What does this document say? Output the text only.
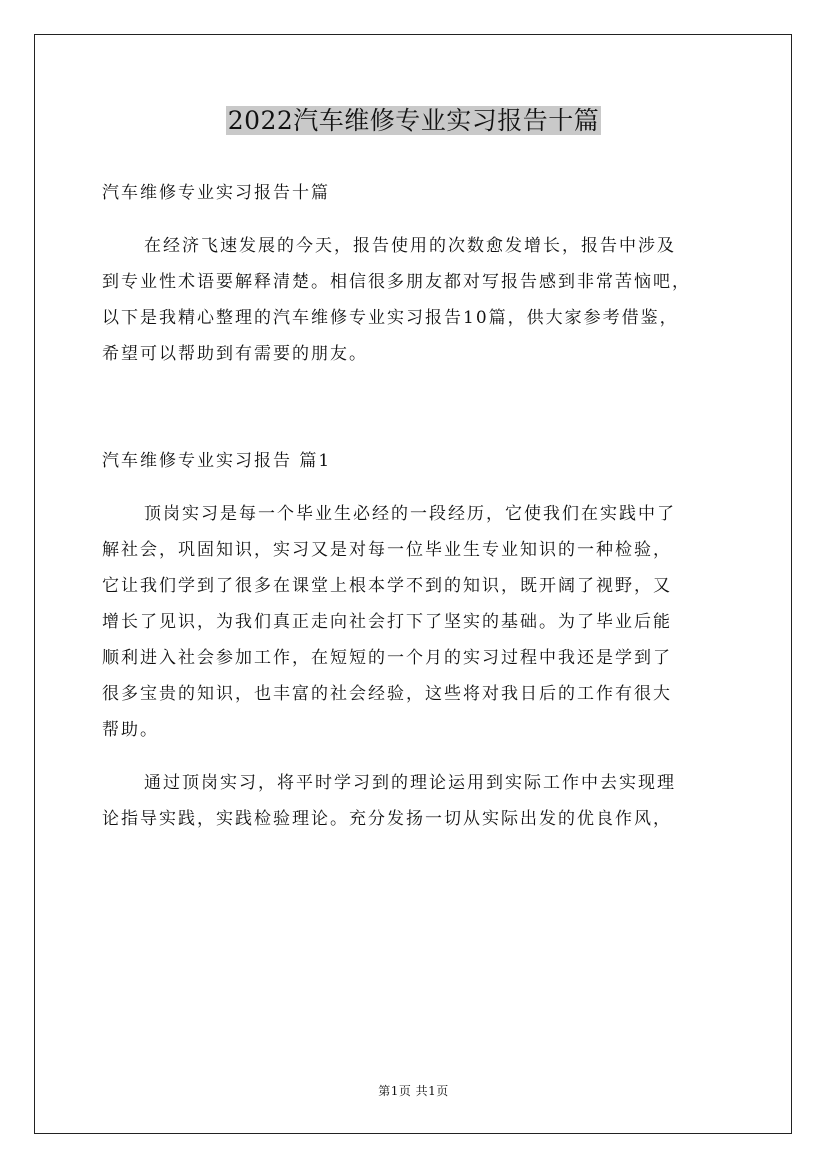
2022汽车维修专业实习报告十篇
汽车维修专业实习报告十篇
在经济飞速发展的今天，报告使用的次数愈发增长，报告中涉及
到专业性术语要解释清楚。相信很多朋友都对写报告感到非常苦恼吧，
以下是我精心整理的汽车维修专业实习报告10篇，供大家参考借鉴，
希望可以帮助到有需要的朋友。
汽车维修专业实习报告 篇1
顶岗实习是每一个毕业生必经的一段经历，它使我们在实践中了
解社会，巩固知识，实习又是对每一位毕业生专业知识的一种检验，
它让我们学到了很多在课堂上根本学不到的知识，既开阔了视野，又
增长了见识，为我们真正走向社会打下了坚实的基础。为了毕业后能
顺利进入社会参加工作，在短短的一个月的实习过程中我还是学到了
很多宝贵的知识，也丰富的社会经验，这些将对我日后的工作有很大
帮助。
通过顶岗实习，将平时学习到的理论运用到实际工作中去实现理
论指导实践，实践检验理论。充分发扬一切从实际出发的优良作风，
第1页 共1页
